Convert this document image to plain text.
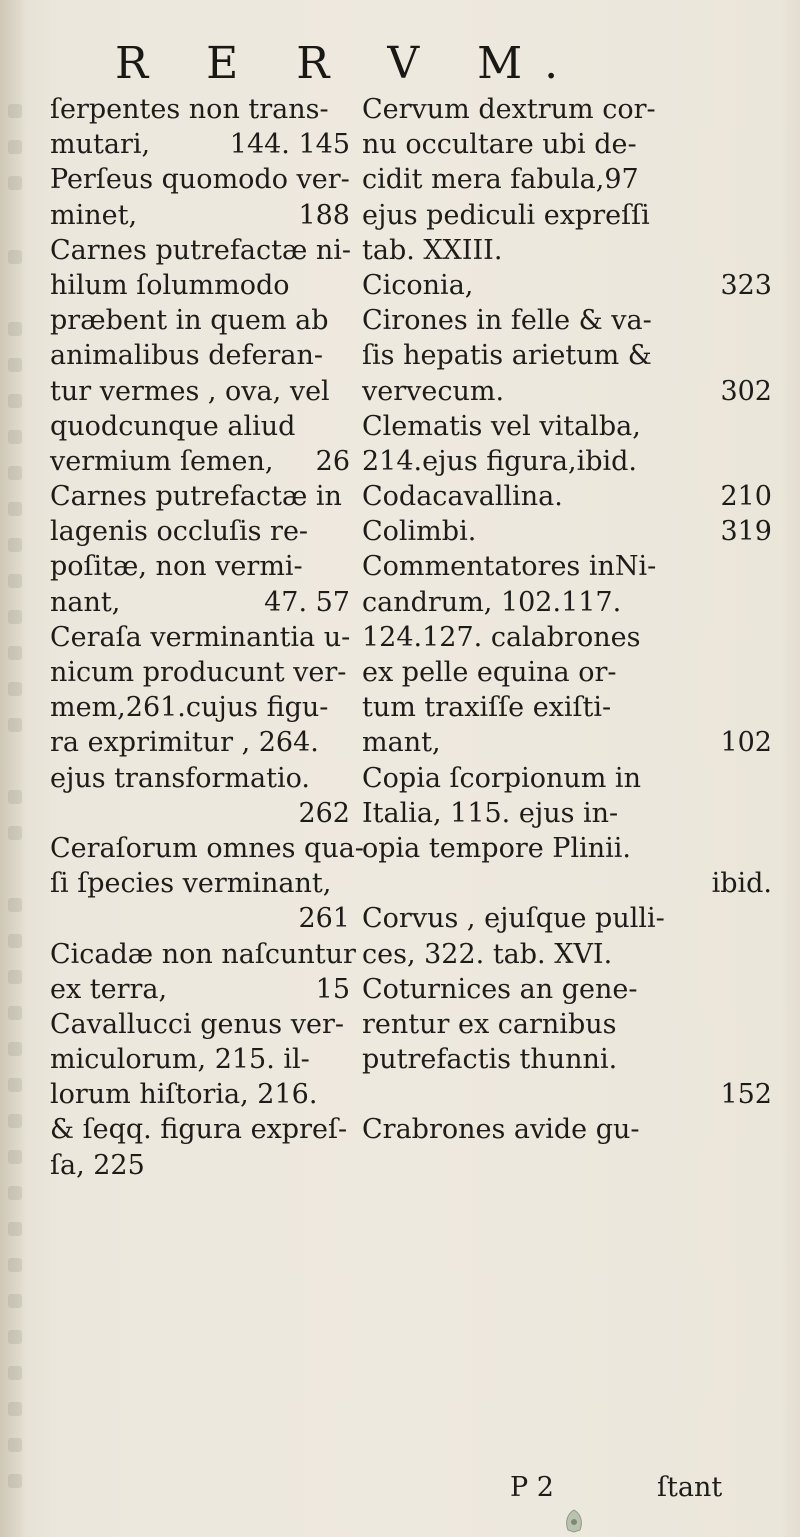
R E R V M.
ſerpentes non trans-
mutari,	144. 145
Perſeus quomodo ver-
minet,	188
Carnes putrefactæ ni-
hilum ſolummodo
præbent in quem ab
animalibus deferan-
tur vermes , ova, vel
quodcunque aliud
vermium ſemen, 26
Carnes putrefactæ in
lagenis occluſis re-
poſitæ, non vermi-
nant,	47. 57
Ceraſa verminantia u-
nicum producunt ver-
mem,261.cujus figu-
ra exprimitur , 264.
ejus transformatio.
262
Ceraſorum omnes qua-
ſi ſpecies verminant,
261
Cicadæ non naſcuntur
ex terra,	15
Cavallucci genus ver-
miculorum, 215. il-
lorum hiſtoria, 216.
& ſeqq. figura expreſ-
ſa, 225
Cervum dextrum cor-
nu occultare ubi de-
cidit mera fabula,97
ejus pediculi expreſſi
tab. XXIII.
Ciconia,	323
Cirones in felle & va-
ſis hepatis arietum &
vervecum.	302
Clematis vel vitalba,
214.ejus figura,ibid.
Codacavallina.	210
Colimbi.	319
Commentatores inNi-
candrum, 102.117.
124.127. calabrones
ex pelle equina or-
tum traxiſſe exiſti-
mant,	102
Copia ſcorpionum in
Italia, 115. ejus in-
opia tempore Plinii.
ibid.
Corvus , ejuſque pulli-
ces, 322. tab. XVI.
Coturnices an gene-
rentur ex carnibus
putrefactis thunni.
152
Crabrones avide gu-
P 2	ſtant
